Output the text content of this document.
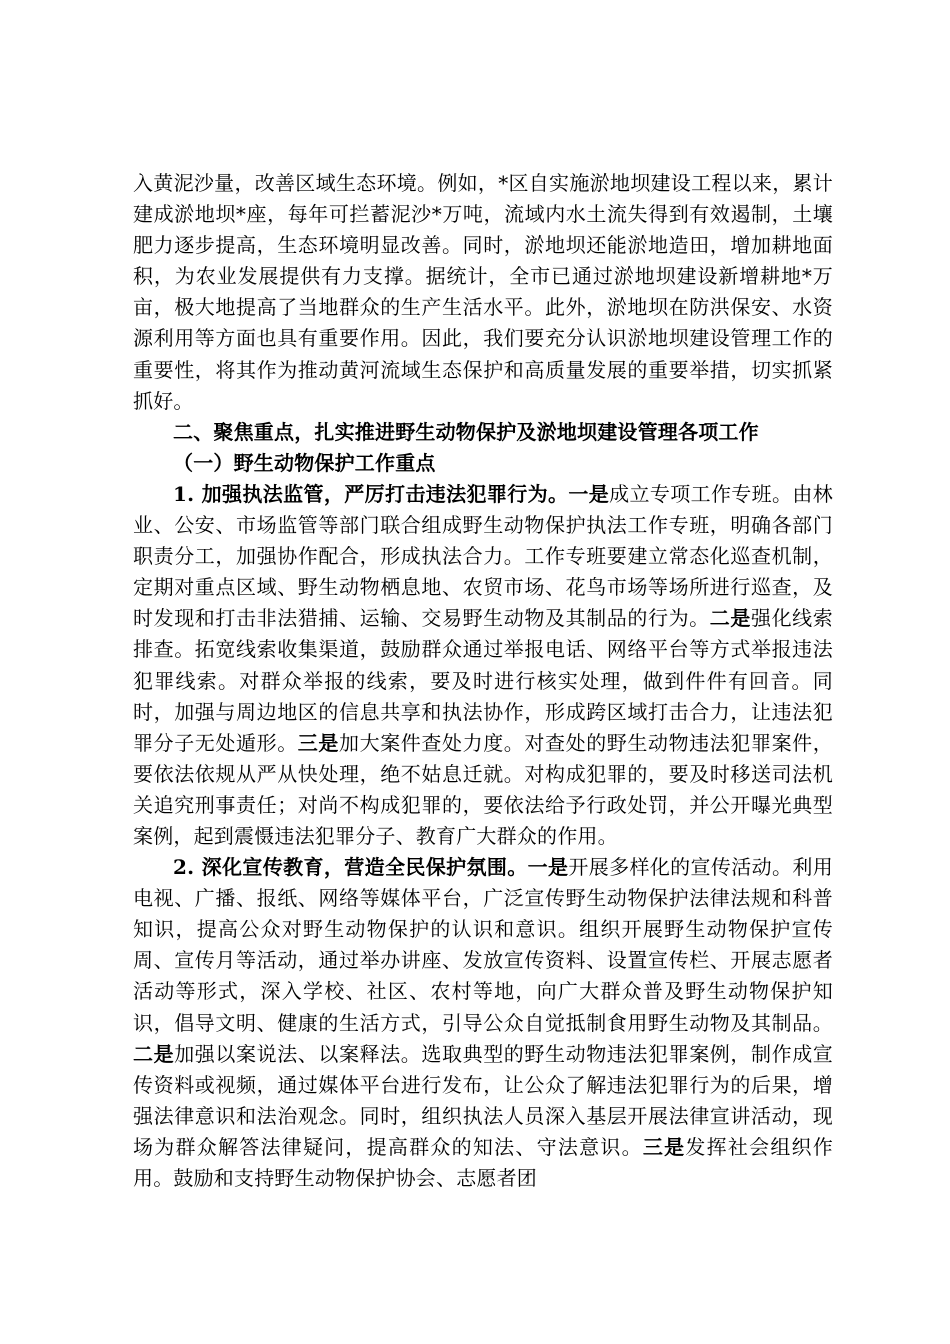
入黄泥沙量，改善区域生态环境。例如，*区自实施淤地坝建设工程以来，累计建成淤地坝*座，每年可拦蓄泥沙*万吨，流域内水土流失得到有效遏制，土壤肥力逐步提高，生态环境明显改善。同时，淤地坝还能淤地造田，增加耕地面积，为农业发展提供有力支撑。据统计，全市已通过淤地坝建设新增耕地*万亩，极大地提高了当地群众的生产生活水平。此外，淤地坝在防洪保安、水资源利用等方面也具有重要作用。因此，我们要充分认识淤地坝建设管理工作的重要性，将其作为推动黄河流域生态保护和高质量发展的重要举措，切实抓紧抓好。

二、聚焦重点，扎实推进野生动物保护及淤地坝建设管理各项工作

（一）野生动物保护工作重点

1. 加强执法监管，严厉打击违法犯罪行为。一是成立专项工作专班。由林业、公安、市场监管等部门联合组成野生动物保护执法工作专班，明确各部门职责分工，加强协作配合，形成执法合力。工作专班要建立常态化巡查机制，定期对重点区域、野生动物栖息地、农贸市场、花鸟市场等场所进行巡查，及时发现和打击非法猎捕、运输、交易野生动物及其制品的行为。二是强化线索排查。拓宽线索收集渠道，鼓励群众通过举报电话、网络平台等方式举报违法犯罪线索。对群众举报的线索，要及时进行核实处理，做到件件有回音。同时，加强与周边地区的信息共享和执法协作，形成跨区域打击合力，让违法犯罪分子无处遁形。三是加大案件查处力度。对查处的野生动物违法犯罪案件，要依法依规从严从快处理，绝不姑息迁就。对构成犯罪的，要及时移送司法机关追究刑事责任；对尚不构成犯罪的，要依法给予行政处罚，并公开曝光典型案例，起到震慑违法犯罪分子、教育广大群众的作用。

2. 深化宣传教育，营造全民保护氛围。一是开展多样化的宣传活动。利用电视、广播、报纸、网络等媒体平台，广泛宣传野生动物保护法律法规和科普知识，提高公众对野生动物保护的认识和意识。组织开展野生动物保护宣传周、宣传月等活动，通过举办讲座、发放宣传资料、设置宣传栏、开展志愿者活动等形式，深入学校、社区、农村等地，向广大群众普及野生动物保护知识，倡导文明、健康的生活方式，引导公众自觉抵制食用野生动物及其制品。二是加强以案说法、以案释法。选取典型的野生动物违法犯罪案例，制作成宣传资料或视频，通过媒体平台进行发布，让公众了解违法犯罪行为的后果，增强法律意识和法治观念。同时，组织执法人员深入基层开展法律宣讲活动，现场为群众解答法律疑问，提高群众的知法、守法意识。三是发挥社会组织作用。鼓励和支持野生动物保护协会、志愿者团
